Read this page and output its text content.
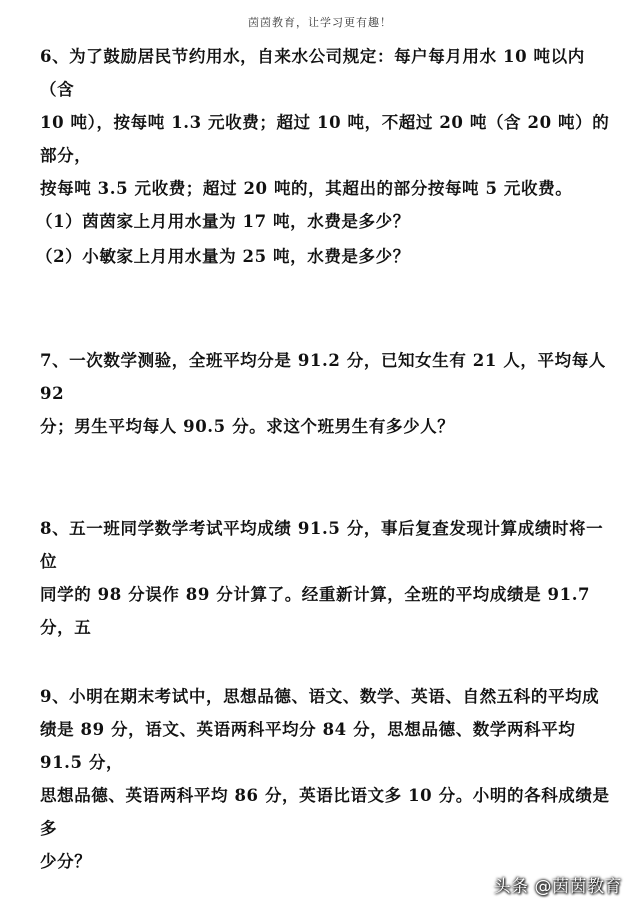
茵茵教育，让学习更有趣！

6、为了鼓励居民节约用水，自来水公司规定：每户每月用水 10 吨以内（含

10 吨），按每吨 1.3 元收费；超过 10 吨，不超过 20 吨（含 20 吨）的部分，

按每吨 3.5 元收费；超过 20 吨的，其超出的部分按每吨 5 元收费。

（1）茵茵家上月用水量为 17 吨，水费是多少？

（2）小敏家上月用水量为 25 吨，水费是多少？

7、一次数学测验，全班平均分是 91.2 分，已知女生有 21 人，平均每人 92

分；男生平均每人 90.5 分。求这个班男生有多少人？

8、五一班同学数学考试平均成绩 91.5 分，事后复查发现计算成绩时将一位

同学的 98 分误作 89 分计算了。经重新计算，全班的平均成绩是 91.7 分，五

9、小明在期末考试中，思想品德、语文、数学、英语、自然五科的平均成

绩是 89 分，语文、英语两科平均分 84 分，思想品德、数学两科平均 91.5 分，

思想品德、英语两科平均 86 分，英语比语文多 10 分。小明的各科成绩是多

少分？

头条 @茵茵教育
